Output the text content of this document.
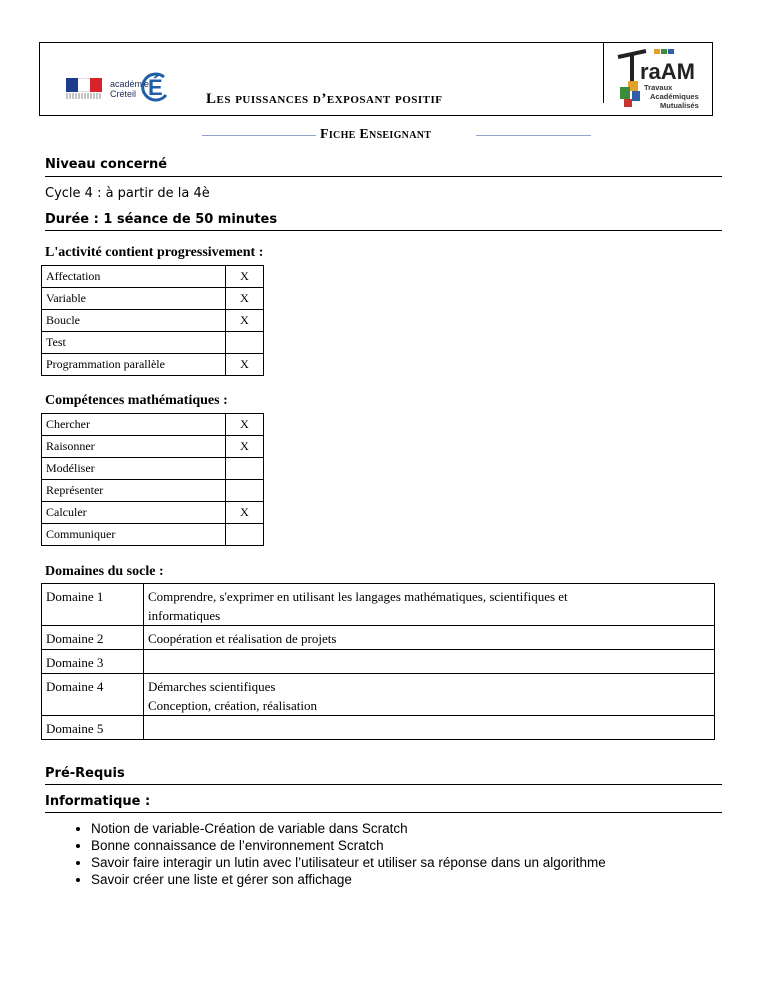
académie
Créteil É	Les puissances d’exposant positif
raAM
Travaux
Académiques
Mutualisés
Fiche Enseignant
Niveau concerné
Cycle 4 : à partir de la 4è
Durée : 1 séance de 50 minutes
L'activité contient progressivement :
Affectation	X
Variable	X
Boucle	X
Test	
Programmation parallèle	X
Compétences mathématiques :
Chercher	X
Raisonner	X
Modéliser	
Représenter	
Calculer	X
Communiquer	
Domaines du socle :
Domaine 1	Comprendre, s'exprimer en utilisant les langages mathématiques, scientifiques et
informatiques

Domaine 2	Coopération et réalisation de projets

Domaine 3	
Domaine 4	Démarches scientifiques
Conception, création, réalisation

Domaine 5	
Pré-Requis
Informatique :
• Notion de variable-Création de variable dans Scratch
• Bonne connaissance de l’environnement Scratch
• Savoir faire interagir un lutin avec l’utilisateur et utiliser sa réponse dans un algorithme
• Savoir créer une liste et gérer son affichage
